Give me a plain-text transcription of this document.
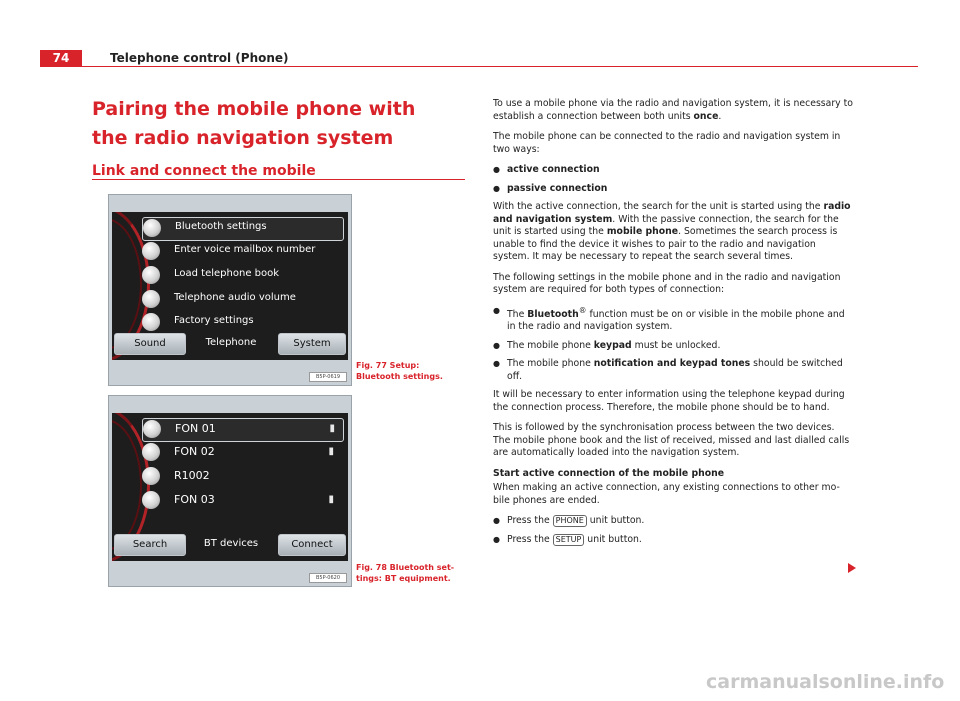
74	Telephone control (Phone)
Pairing the mobile phone with the radio navigation system
Link and connect the mobile
Bluetooth settings
Enter voice mailbox number
Load telephone book
Telephone audio volume
Factory settings
Sound	Telephone	System
B5P-0619
Fig. 77 Setup: Bluetooth settings.
FON 01	▮
FON 02	▮
R1002
FON 03	▮
Search	BT devices	Connect
B5P-0620
Fig. 78 Bluetooth set-tings: BT equipment.

To use a mobile phone via the radio and navigation system, it is necessary to establish a connection between both units once.

The mobile phone can be connected to the radio and navigation system in two ways:

● active connection
● passive connection

With the active connection, the search for the unit is started using the radio and navigation system. With the passive connection, the search for the unit is started using the mobile phone. Sometimes the search process is unable to find the device it wishes to pair to the radio and navigation system. It may be necessary to repeat the search several times.

The following settings in the mobile phone and in the radio and navigation system are required for both types of connection:

● The Bluetooth® function must be on or visible in the mobile phone and in the radio and navigation system.
● The mobile phone keypad must be unlocked.
● The mobile phone notification and keypad tones should be switched off.

It will be necessary to enter information using the telephone keypad during the connection process. Therefore, the mobile phone should be to hand.

This is followed by the synchronisation process between the two devices. The mobile phone book and the list of received, missed and last dialled calls are automatically loaded into the navigation system.

Start active connection of the mobile phone

When making an active connection, any existing connections to other mo-bile phones are ended.

● Press the PHONE unit button.
● Press the SETUP unit button.
carmanualsonline.info
